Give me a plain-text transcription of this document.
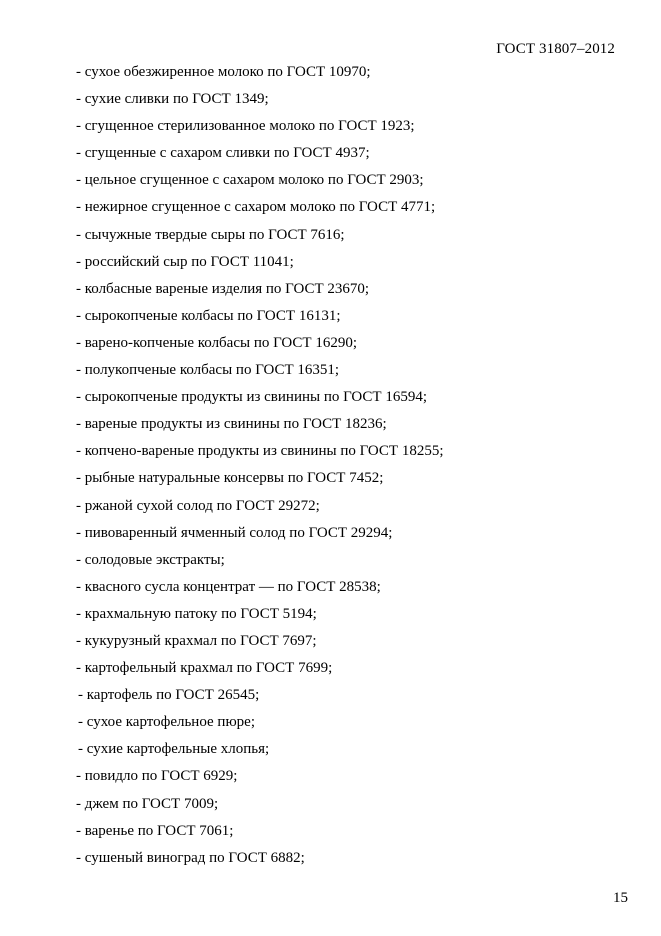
ГОСТ 31807–2012
- сухое обезжиренное молоко по ГОСТ 10970;
- сухие сливки по ГОСТ 1349;
- сгущенное стерилизованное молоко по ГОСТ 1923;
- сгущенные с сахаром сливки по ГОСТ 4937;
- цельное сгущенное с сахаром молоко по ГОСТ 2903;
- нежирное сгущенное с сахаром молоко по ГОСТ 4771;
- сычужные твердые сыры по ГОСТ 7616;
- российский сыр по ГОСТ 11041;
- колбасные вареные изделия по ГОСТ 23670;
- сырокопченые колбасы по ГОСТ 16131;
- варено-копченые колбасы по ГОСТ 16290;
- полукопченые колбасы по ГОСТ 16351;
- сырокопченые продукты из свинины по ГОСТ 16594;
- вареные продукты из свинины по ГОСТ 18236;
- копчено-вареные продукты из свинины по ГОСТ 18255;
- рыбные натуральные консервы по ГОСТ 7452;
- ржаной сухой солод по ГОСТ 29272;
- пивоваренный ячменный солод по ГОСТ 29294;
- солодовые экстракты;
- квасного сусла концентрат — по ГОСТ 28538;
- крахмальную патоку по ГОСТ 5194;
- кукурузный крахмал по ГОСТ 7697;
- картофельный крахмал по ГОСТ 7699;
- картофель по ГОСТ 26545;
- сухое картофельное пюре;
- сухие картофельные хлопья;
- повидло по ГОСТ 6929;
- джем по ГОСТ 7009;
- варенье по ГОСТ 7061;
- сушеный виноград по ГОСТ 6882;
15
